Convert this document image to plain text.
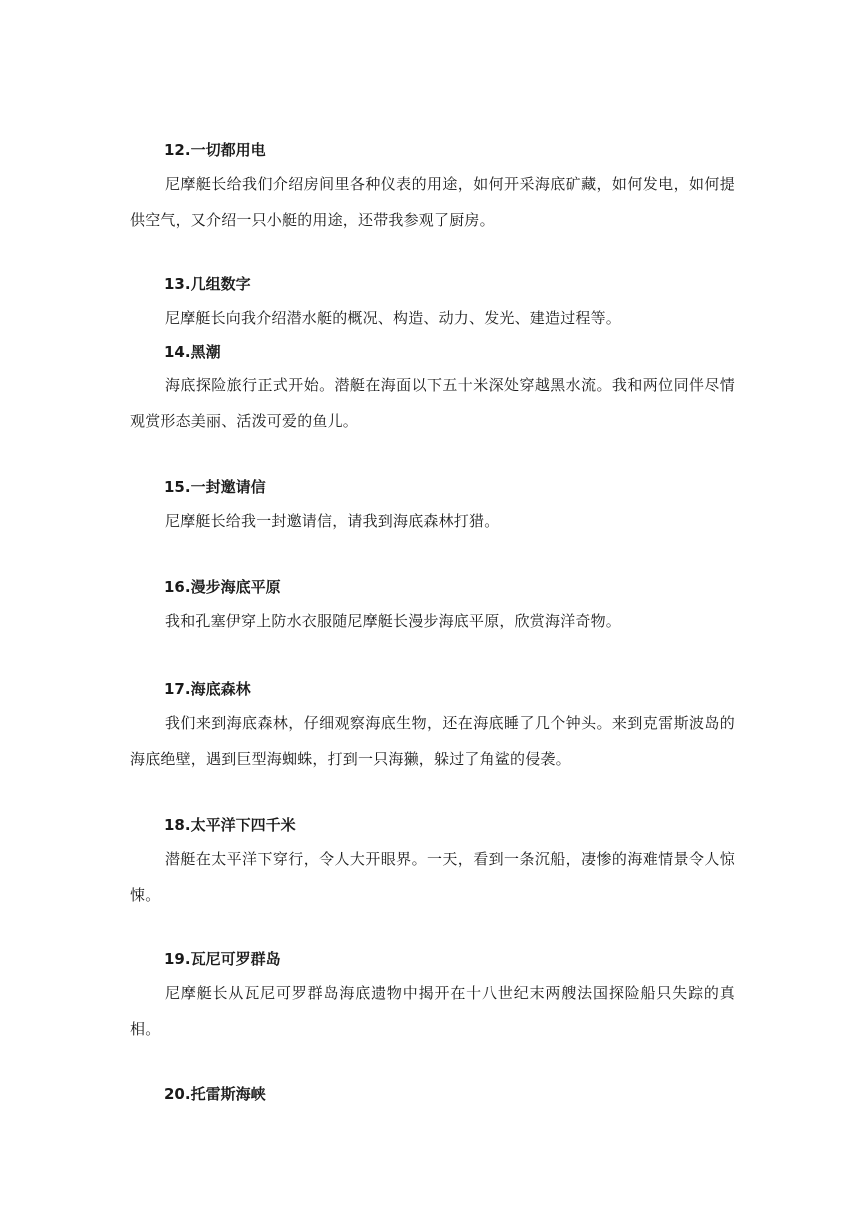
12.一切都用电
尼摩艇长给我们介绍房间里各种仪表的用途，如何开采海底矿藏，如何发电，如何提供空气，又介绍一只小艇的用途，还带我参观了厨房。
13.几组数字
尼摩艇长向我介绍潜水艇的概况、构造、动力、发光、建造过程等。
14.黑潮
海底探险旅行正式开始。潜艇在海面以下五十米深处穿越黑水流。我和两位同伴尽情观赏形态美丽、活泼可爱的鱼儿。
15.一封邀请信
尼摩艇长给我一封邀请信，请我到海底森林打猎。
16.漫步海底平原
我和孔塞伊穿上防水衣服随尼摩艇长漫步海底平原，欣赏海洋奇物。
17.海底森林
我们来到海底森林，仔细观察海底生物，还在海底睡了几个钟头。来到克雷斯波岛的海底绝壁，遇到巨型海蜘蛛，打到一只海獭，躲过了角鲨的侵袭。
18.太平洋下四千米
潜艇在太平洋下穿行，令人大开眼界。一天，看到一条沉船，凄惨的海难情景令人惊悚。
19.瓦尼可罗群岛
尼摩艇长从瓦尼可罗群岛海底遗物中揭开在十八世纪末两艘法国探险船只失踪的真相。
20.托雷斯海峡
